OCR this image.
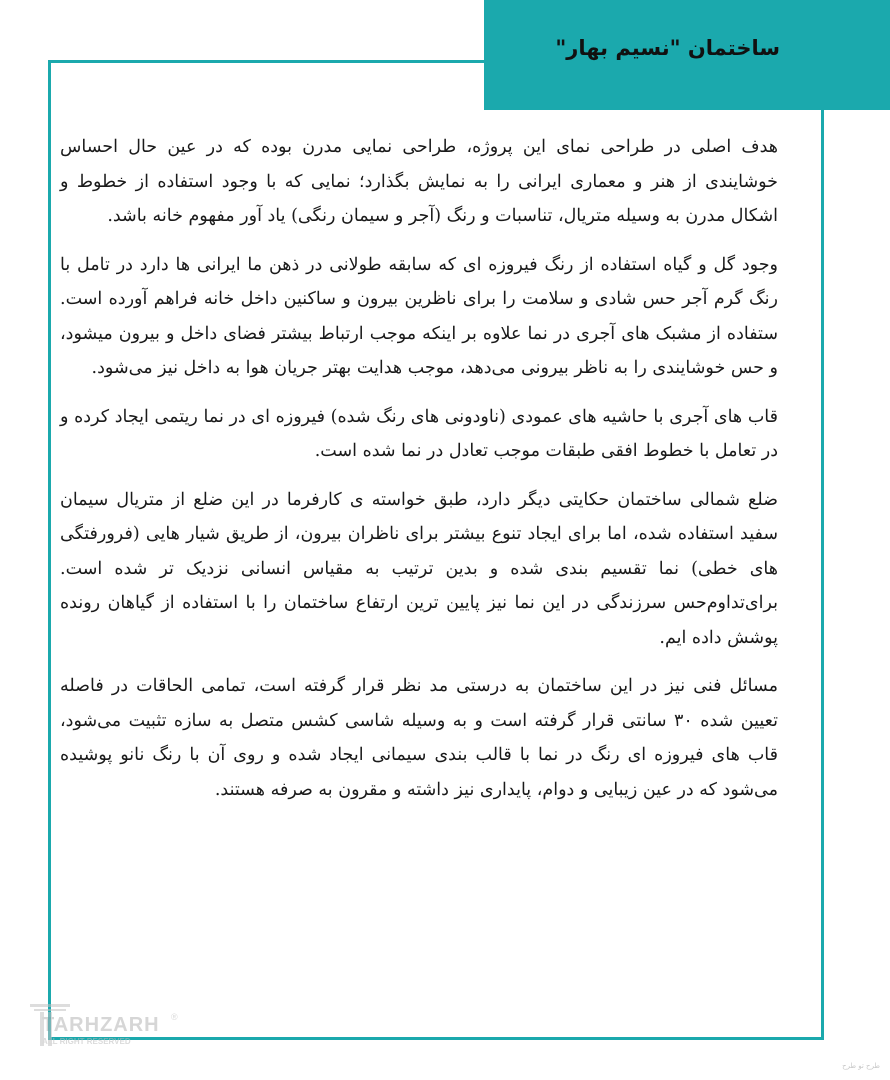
ساختمان "نسیم بهار"

هدف اصلی در طراحی نمای این پروژه، طراحی نمایی مدرن بوده که در عین حال احساس خوشایندی از هنر و معماری ایرانی را به نمایش بگذارد؛ نمایی که با وجود استفاده از خطوط و اشکال مدرن به وسیله متریال، تناسبات و رنگ (آجر و سیمان رنگی) یاد آور مفهوم خانه باشد.

وجود گل و گیاه استفاده از رنگ فیروزه ای که سابقه طولانی در ذهن ما ایرانی ها دارد در تامل با رنگ گرم آجر حس شادی و سلامت را برای ناظرین بیرون و ساکنین داخل خانه فراهم آورده است. ستفاده از مشبک های آجری در نما علاوه بر اینکه موجب ارتباط بیشتر فضای داخل و بیرون میشود، و حس خوشایندی را به ناظر بیرونی می‌دهد، موجب هدایت بهتر جریان هوا به داخل نیز می‌شود.

قاب های آجری با حاشیه های عمودی (ناودونی های رنگ شده) فیروزه ای در نما ریتمی ایجاد کرده و در تعامل با خطوط افقی طبقات موجب تعادل در نما شده است.

ضلع شمالی ساختمان حکایتی دیگر دارد، طبق خواسته ی کارفرما در این ضلع از متریال سیمان سفید استفاده شده، اما برای ایجاد تنوع بیشتر برای ناظران بیرون، از طریق شیار هایی (فرورفتگی های خطی) نما تقسیم بندی شده و بدین ترتیب به مقیاس انسانی نزدیک تر شده است. برای‌تداوم‌حس سرزندگی در این نما نیز پایین ترین ارتفاع ساختمان را با استفاده از گیاهان رونده پوشش داده ایم.

مسائل فنی نیز در این ساختمان به درستی مد نظر قرار گرفته است، تمامی الحاقات در فاصله تعیین شده ۳۰ سانتی قرار گرفته است و به وسیله شاسی کشس متصل به سازه تثبیت می‌شود، قاب های فیروزه ای رنگ در نما با قالب بندی سیمانی ایجاد شده و روی آن با رنگ نانو پوشیده می‌شود که در عین زیبایی و دوام، پایداری نیز داشته و مقرون به صرفه هستند.

TARHZARH ®
ALL RIGHT RESERVED
طرح تو طرح
